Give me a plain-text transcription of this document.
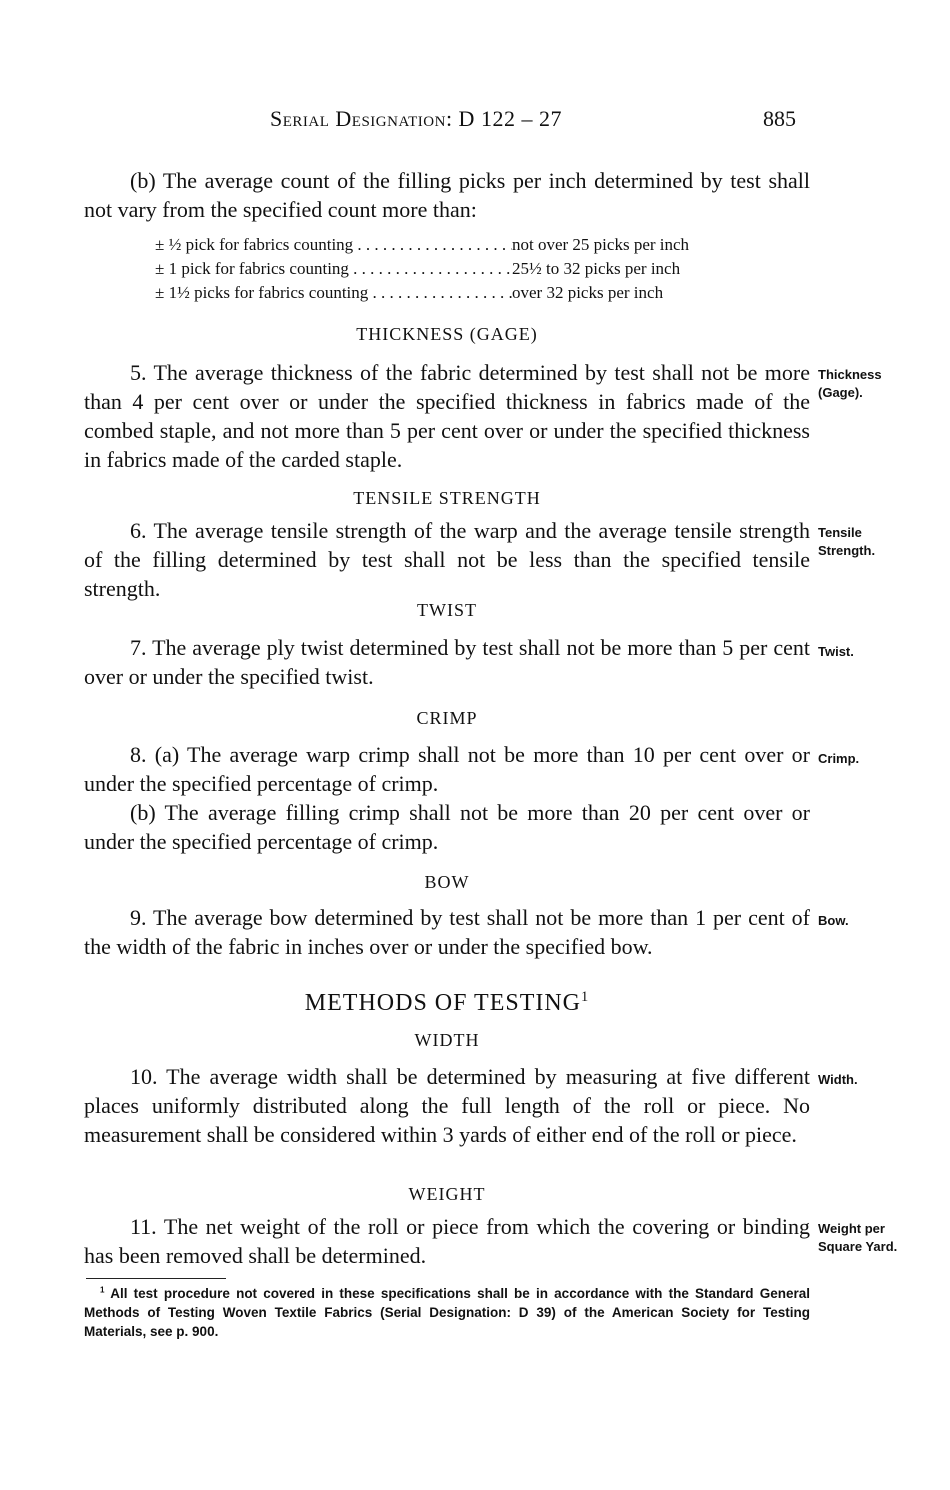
Serial Designation: D 122 – 27	885
(b) The average count of the filling picks per inch determined by test shall not vary from the specified count more than:
± ½ pick for fabrics counting . . .	not over 25 picks per inch
± 1 pick for fabrics counting . . .	25½ to 32 picks per inch
± 1½ picks for fabrics counting . . .	over 32 picks per inch
THICKNESS (GAGE)
5. The average thickness of the fabric determined by test shall not be more than 4 per cent over or under the specified thickness in fabrics made of the combed staple, and not more than 5 per cent over or under the specified thickness in fabrics made of the carded staple.
Thickness
(Gage).
TENSILE STRENGTH
6. The average tensile strength of the warp and the average tensile strength of the filling determined by test shall not be less than the specified tensile strength.
Tensile
Strength.
TWIST
7. The average ply twist determined by test shall not be more than 5 per cent over or under the specified twist.
Twist.
CRIMP
8. (a) The average warp crimp shall not be more than 10 per cent over or under the specified percentage of crimp.
(b) The average filling crimp shall not be more than 20 per cent over or under the specified percentage of crimp.
Crimp.
BOW
9. The average bow determined by test shall not be more than 1 per cent of the width of the fabric in inches over or under the specified bow.
Bow.
METHODS OF TESTING$^1$
WIDTH
10. The average width shall be determined by measuring at five different places uniformly distributed along the full length of the roll or piece. No measurement shall be considered within 3 yards of either end of the roll or piece.
Width.
WEIGHT
11. The net weight of the roll or piece from which the covering or binding has been removed shall be determined.
Weight per
Square Yard.
$^1$ All test procedure not covered in these specifications shall be in accordance with the Standard General Methods of Testing Woven Textile Fabrics (Serial Designation: D 39) of the American Society for Testing Materials, see p. 900.
